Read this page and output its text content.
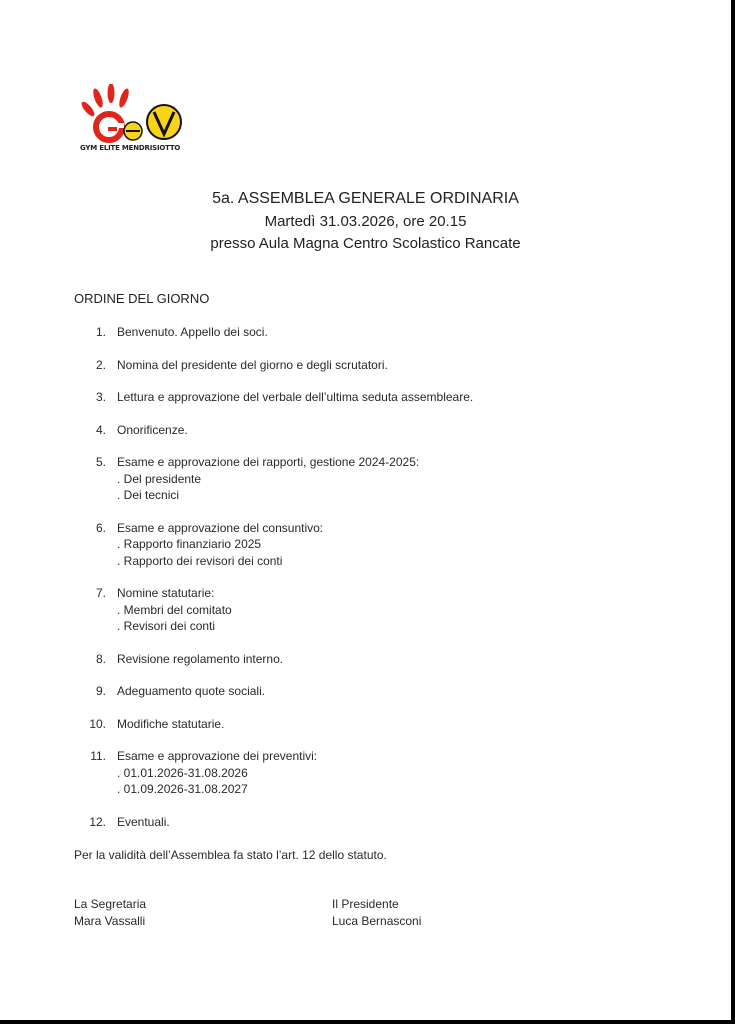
GYM ELITE MENDRISIOTTO
5a. ASSEMBLEA GENERALE ORDINARIA
Martedì 31.03.2026, ore 20.15
presso Aula Magna Centro Scolastico Rancate
ORDINE DEL GIORNO
1. Benvenuto. Appello dei soci.
2. Nomina del presidente del giorno e degli scrutatori.
3. Lettura e approvazione del verbale dell’ultima seduta assembleare.
4. Onorificenze.
5. Esame e approvazione dei rapporti, gestione 2024-2025:
. Del presidente
. Dei tecnici
6. Esame e approvazione del consuntivo:
. Rapporto finanziario 2025
. Rapporto dei revisori dei conti
7. Nomine statutarie:
. Membri del comitato
. Revisori dei conti
8. Revisione regolamento interno.
9. Adeguamento quote sociali.
10. Modifiche statutarie.
11. Esame e approvazione dei preventivi:
. 01.01.2026-31.08.2026
. 01.09.2026-31.08.2027
12. Eventuali.
Per la validità dell’Assemblea fa stato l’art. 12 dello statuto.
La Segretaria
Mara Vassalli
Il Presidente
Luca Bernasconi
